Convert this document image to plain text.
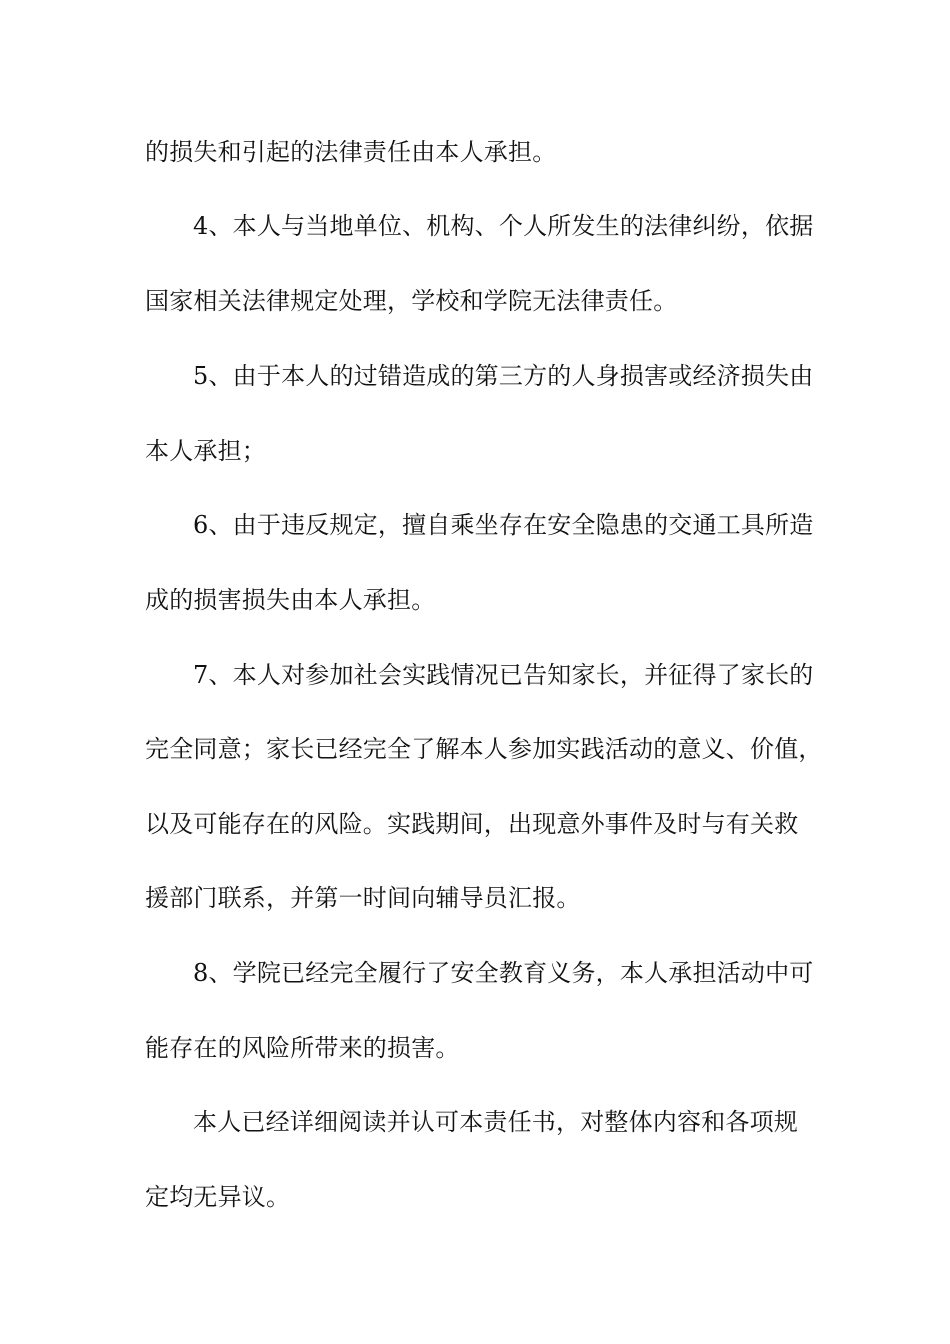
的损失和引起的法律责任由本人承担。
4、本人与当地单位、机构、个人所发生的法律纠纷，依据
国家相关法律规定处理，学校和学院无法律责任。
5、由于本人的过错造成的第三方的人身损害或经济损失由
本人承担；
6、由于违反规定，擅自乘坐存在安全隐患的交通工具所造
成的损害损失由本人承担。
7、本人对参加社会实践情况已告知家长，并征得了家长的
完全同意；家长已经完全了解本人参加实践活动的意义、价值，
以及可能存在的风险。实践期间，出现意外事件及时与有关救
援部门联系，并第一时间向辅导员汇报。
8、学院已经完全履行了安全教育义务，本人承担活动中可
能存在的风险所带来的损害。
本人已经详细阅读并认可本责任书，对整体内容和各项规
定均无异议。
